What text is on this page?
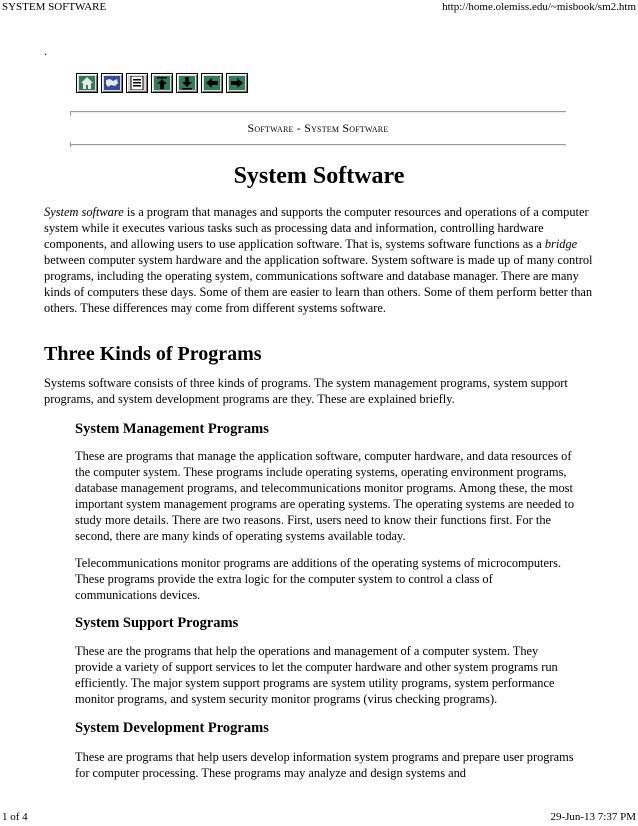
SYSTEM SOFTWARE	http://home.olemiss.edu/~misbook/sm2.htm
.
Software - System Software
System Software

System software is a program that manages and supports the computer resources and operations of a computer system while it executes various tasks such as processing data and information, controlling hardware components, and allowing users to use application software. That is, systems software functions as a bridge between computer system hardware and the application software. System software is made up of many control programs, including the operating system, communications software and database manager. There are many kinds of computers these days. Some of them are easier to learn than others. Some of them perform better than others. These differences may come from different systems software.

Three Kinds of Programs

Systems software consists of three kinds of programs. The system management programs, system support programs, and system development programs are they. These are explained briefly.

System Management Programs

These are programs that manage the application software, computer hardware, and data resources of the computer system. These programs include operating systems, operating environment programs, database management programs, and telecommunications monitor programs. Among these, the most important system management programs are operating systems. The operating systems are needed to study more details. There are two reasons. First, users need to know their functions first. For the second, there are many kinds of operating systems available today.

Telecommunications monitor programs are additions of the operating systems of microcomputers. These programs provide the extra logic for the computer system to control a class of communications devices.

System Support Programs

These are the programs that help the operations and management of a computer system. They provide a variety of support services to let the computer hardware and other system programs run efficiently. The major system support programs are system utility programs, system performance monitor programs, and system security monitor programs (virus checking programs).

System Development Programs

These are programs that help users develop information system programs and prepare user programs for computer processing. These programs may analyze and design systems and

1 of 4	29-Jun-13 7:37 PM
